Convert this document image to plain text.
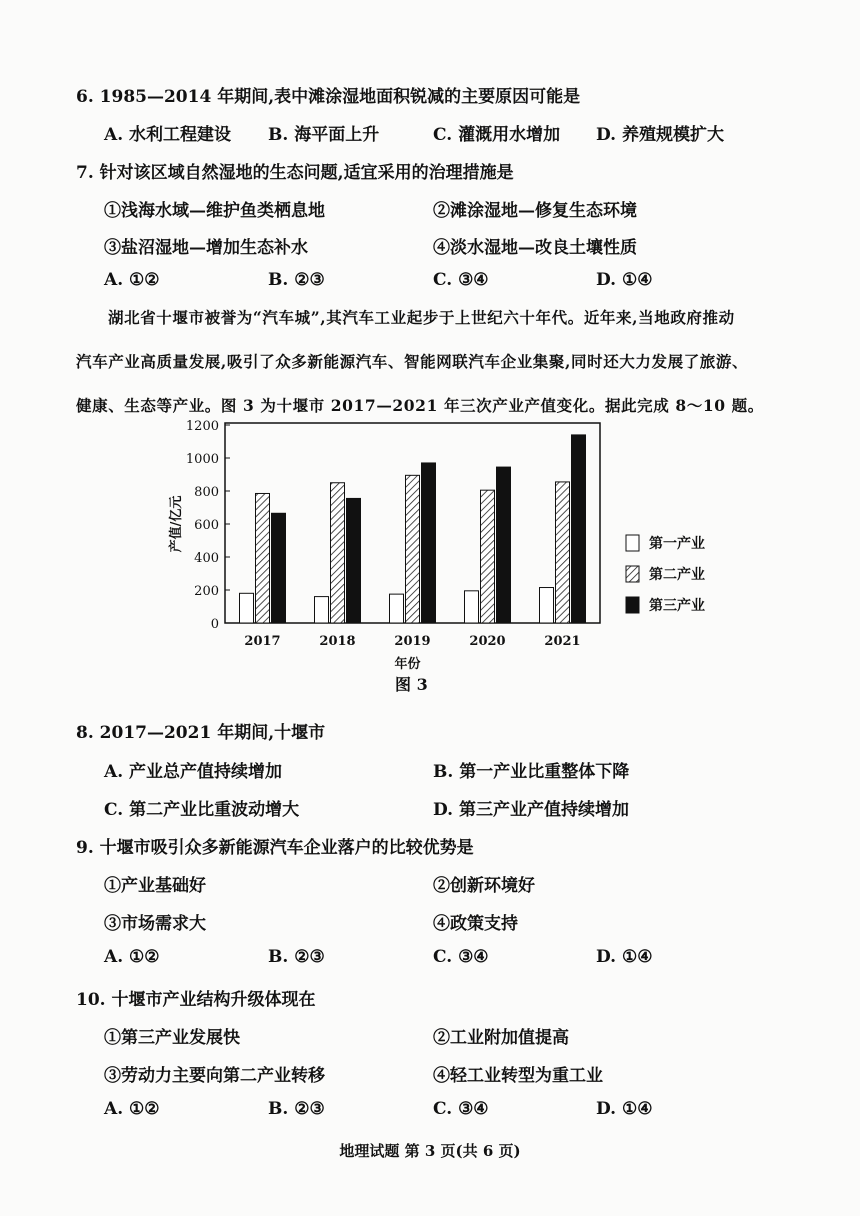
6. 1985—2014 年期间,表中滩涂湿地面积锐减的主要原因可能是
A. 水利工程建设 B. 海平面上升	C. 灌溉用水增加 D. 养殖规模扩大
7. 针对该区域自然湿地的生态问题,适宜采用的治理措施是
①浅海水域—维护鱼类栖息地	②滩涂湿地—修复生态环境
③盐沼湿地—增加生态补水	④淡水湿地—改良土壤性质
A. ①②	B. ②③	C. ③④	D. ①④
湖北省十堰市被誉为“汽车城”,其汽车工业起步于上世纪六十年代。近年来,当地政府推动
汽车产业高质量发展,吸引了众多新能源汽车、智能网联汽车企业集聚,同时还大力发展了旅游、
健康、生态等产业。图 3 为十堰市 2017—2021 年三次产业产值变化。据此完成 8～10 题。
0
200
400
600
800
1000
1200
产值/亿元
2017	2018	2019	2020	2021
年份
第一产业
第二产业
第三产业
图 3
8. 2017—2021 年期间,十堰市
A. 产业总产值持续增加	B. 第一产业比重整体下降
C. 第二产业比重波动增大	D. 第三产业产值持续增加
9. 十堰市吸引众多新能源汽车企业落户的比较优势是
①产业基础好	②创新环境好
③市场需求大	④政策支持
A. ①②	B. ②③	C. ③④	D. ①④
10. 十堰市产业结构升级体现在
①第三产业发展快	②工业附加值提高
③劳动力主要向第二产业转移	④轻工业转型为重工业
A. ①②	B. ②③	C. ③④	D. ①④
地理试题 第 3 页(共 6 页)
